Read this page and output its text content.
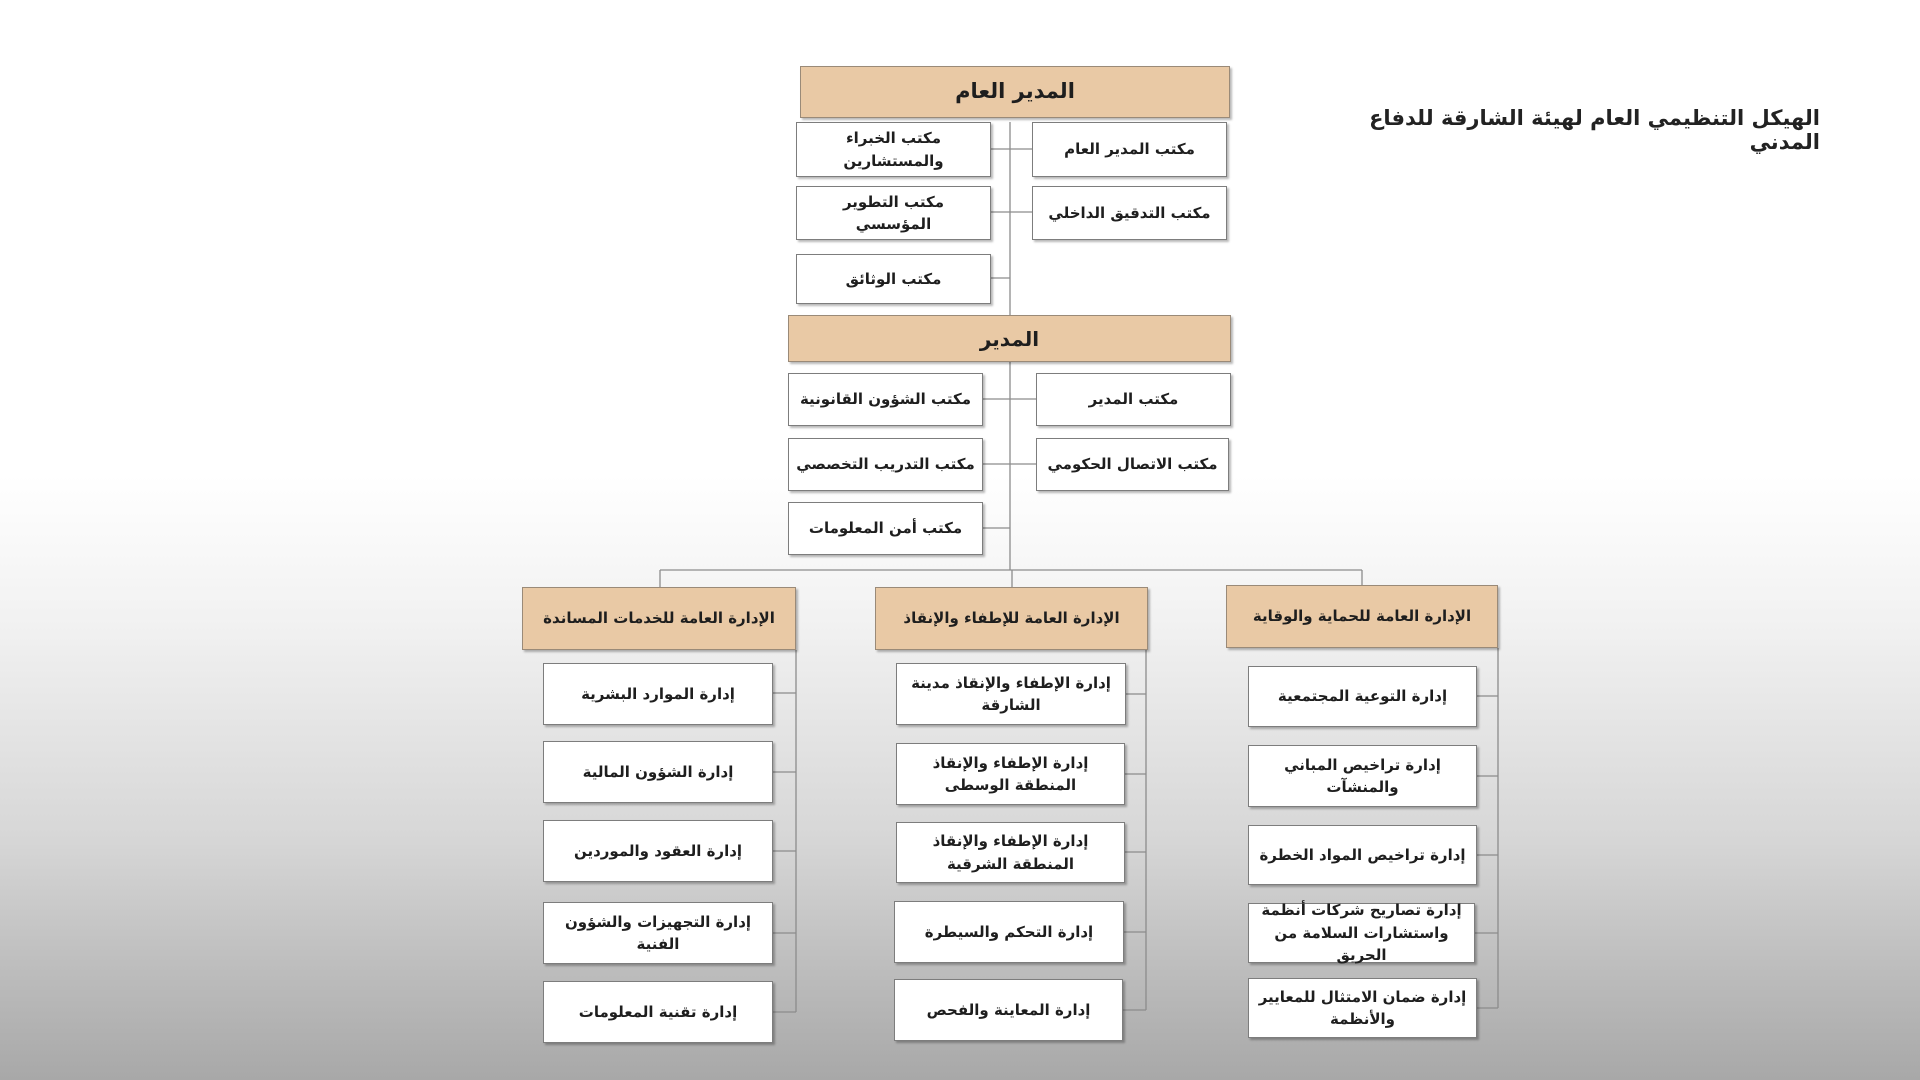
الهيكل التنظيمي العام لهيئة الشارقة للدفاع المدني
المدير العام
مكتب المدير العام
مكتب الخبراء والمستشارين
مكتب التدقيق الداخلي
مكتب التطوير المؤسسي
مكتب الوثائق
المدير
مكتب المدير
مكتب الشؤون القانونية
مكتب الاتصال الحكومي
مكتب التدريب التخصصي
مكتب أمن المعلومات
الإدارة العامة للحماية والوقاية
إدارة التوعية المجتمعية
إدارة تراخيص المباني والمنشآت
إدارة تراخيص المواد الخطرة
إدارة تصاريح شركات أنظمة واستشارات السلامة من الحريق
إدارة ضمان الامتثال للمعايير والأنظمة
الإدارة العامة للإطفاء والإنقاذ
إدارة الإطفاء والإنقاذ مدينة الشارقة
إدارة الإطفاء والإنقاذ المنطقة الوسطى
إدارة الإطفاء والإنقاذ المنطقة الشرقية
إدارة التحكم والسيطرة
إدارة المعاينة والفحص
الإدارة العامة للخدمات المساندة
إدارة الموارد البشرية
إدارة الشؤون المالية
إدارة العقود والموردين
إدارة التجهيزات والشؤون الفنية
إدارة تقنية المعلومات
